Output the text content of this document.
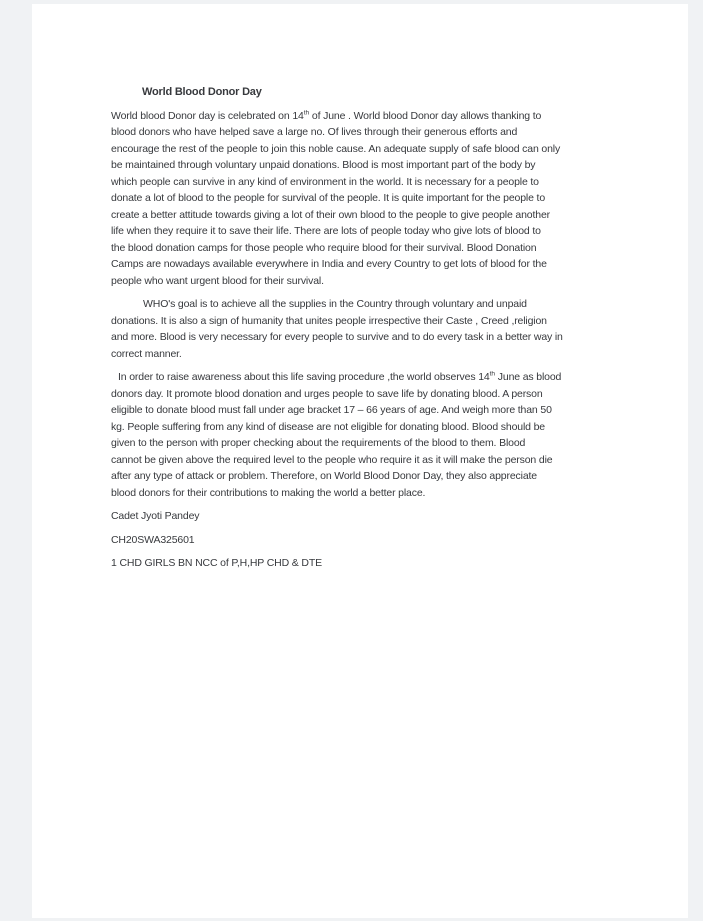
World Blood Donor Day

World blood Donor day is celebrated on 14th of June . World blood Donor day allows thanking to
blood donors who have helped save a large no. Of lives through their generous efforts and
encourage the rest of the people to join this noble cause. An adequate supply of safe blood can only
be maintained through voluntary unpaid donations. Blood is most important part of the body by
which people can survive in any kind of environment in the world. It is necessary for a people to
donate a lot of blood to the people for survival of the people. It is quite important for the people to
create a better attitude towards giving a lot of their own blood to the people to give people another
life when they require it to save their life. There are lots of people today who give lots of blood to
the blood donation camps for those people who require blood for their survival. Blood Donation
Camps are nowadays available everywhere in India and every Country to get lots of blood for the
people who want urgent blood for their survival.

WHO's goal is to achieve all the supplies in the Country through voluntary and unpaid
donations. It is also a sign of humanity that unites people irrespective their Caste , Creed ,religion
and more. Blood is very necessary for every people to survive and to do every task in a better way in
correct manner.

In order to raise awareness about this life saving procedure ,the world observes 14th June as blood
donors day. It promote blood donation and urges people to save life by donating blood. A person
eligible to donate blood must fall under age bracket 17 – 66 years of age. And weigh more than 50
kg. People suffering from any kind of disease are not eligible for donating blood. Blood should be
given to the person with proper checking about the requirements of the blood to them. Blood
cannot be given above the required level to the people who require it as it will make the person die
after any type of attack or problem. Therefore, on World Blood Donor Day, they also appreciate
blood donors for their contributions to making the world a better place.

Cadet Jyoti Pandey

CH20SWA325601

1 CHD GIRLS BN NCC of P,H,HP CHD & DTE
